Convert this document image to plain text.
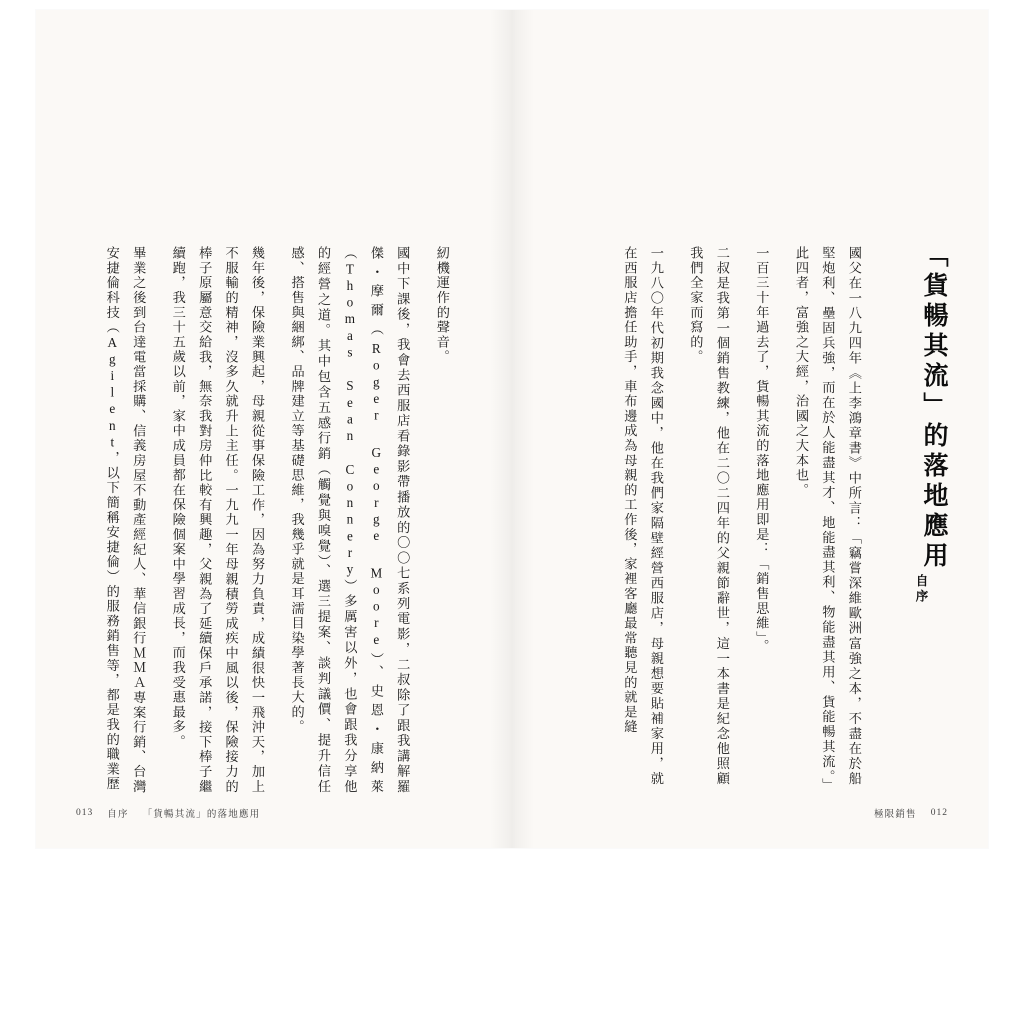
紉機運作的聲音。

國中下課後，我會去西服店看錄影帶播放的〇〇七系列電影，二叔除了跟我講解羅傑・摩爾（Roger George Moore）、史恩・康納萊（Thomas Sean Connery）多厲害以外，也會跟我分享他的經營之道。其中包含五感行銷（觸覺與嗅覺）、選三提案、談判議價、提升信任感、搭售與綑綁、品牌建立等基礎思維，我幾乎就是耳濡目染學著長大的。

幾年後，保險業興起，母親從事保險工作，因為努力負責，成績很快一飛沖天，加上不服輸的精神，沒多久就升上主任。一九九一年母親積勞成疾中風以後，保險接力的棒子原屬意交給我，無奈我對房仲比較有興趣，父親為了延續保戶承諾，接下棒子繼續跑，我三十五歲以前，家中成員都在保險個案中學習成長，而我受惠最多。

畢業之後到台達電當採購、信義房屋不動產經紀人、華信銀行ＭＭＡ專案行銷、台灣安捷倫科技（Agilent，以下簡稱安捷倫）的服務銷售等，都是我的職業歷

013 自序 「貨暢其流」的落地應用
「貨暢其流」的落地應用
自序

國父在一八九四年《上李鴻章書》中所言：「竊嘗深維歐洲富強之本，不盡在於船堅炮利、壘固兵強，而在於人能盡其才、地能盡其利、物能盡其用、貨能暢其流。」此四者，富強之大經，治國之大本也。

一百三十年過去了，貨暢其流的落地應用即是：「銷售思維」。

二叔是我第一個銷售教練，他在二〇二四年的父親節辭世，這一本書是紀念他照顧我們全家而寫的。

一九八〇年代初期我念國中，他在我們家隔壁經營西服店，母親想要貼補家用，就在西服店擔任助手，車布邊成為母親的工作後，家裡客廳最常聽見的就是縫

極限銷售 012
